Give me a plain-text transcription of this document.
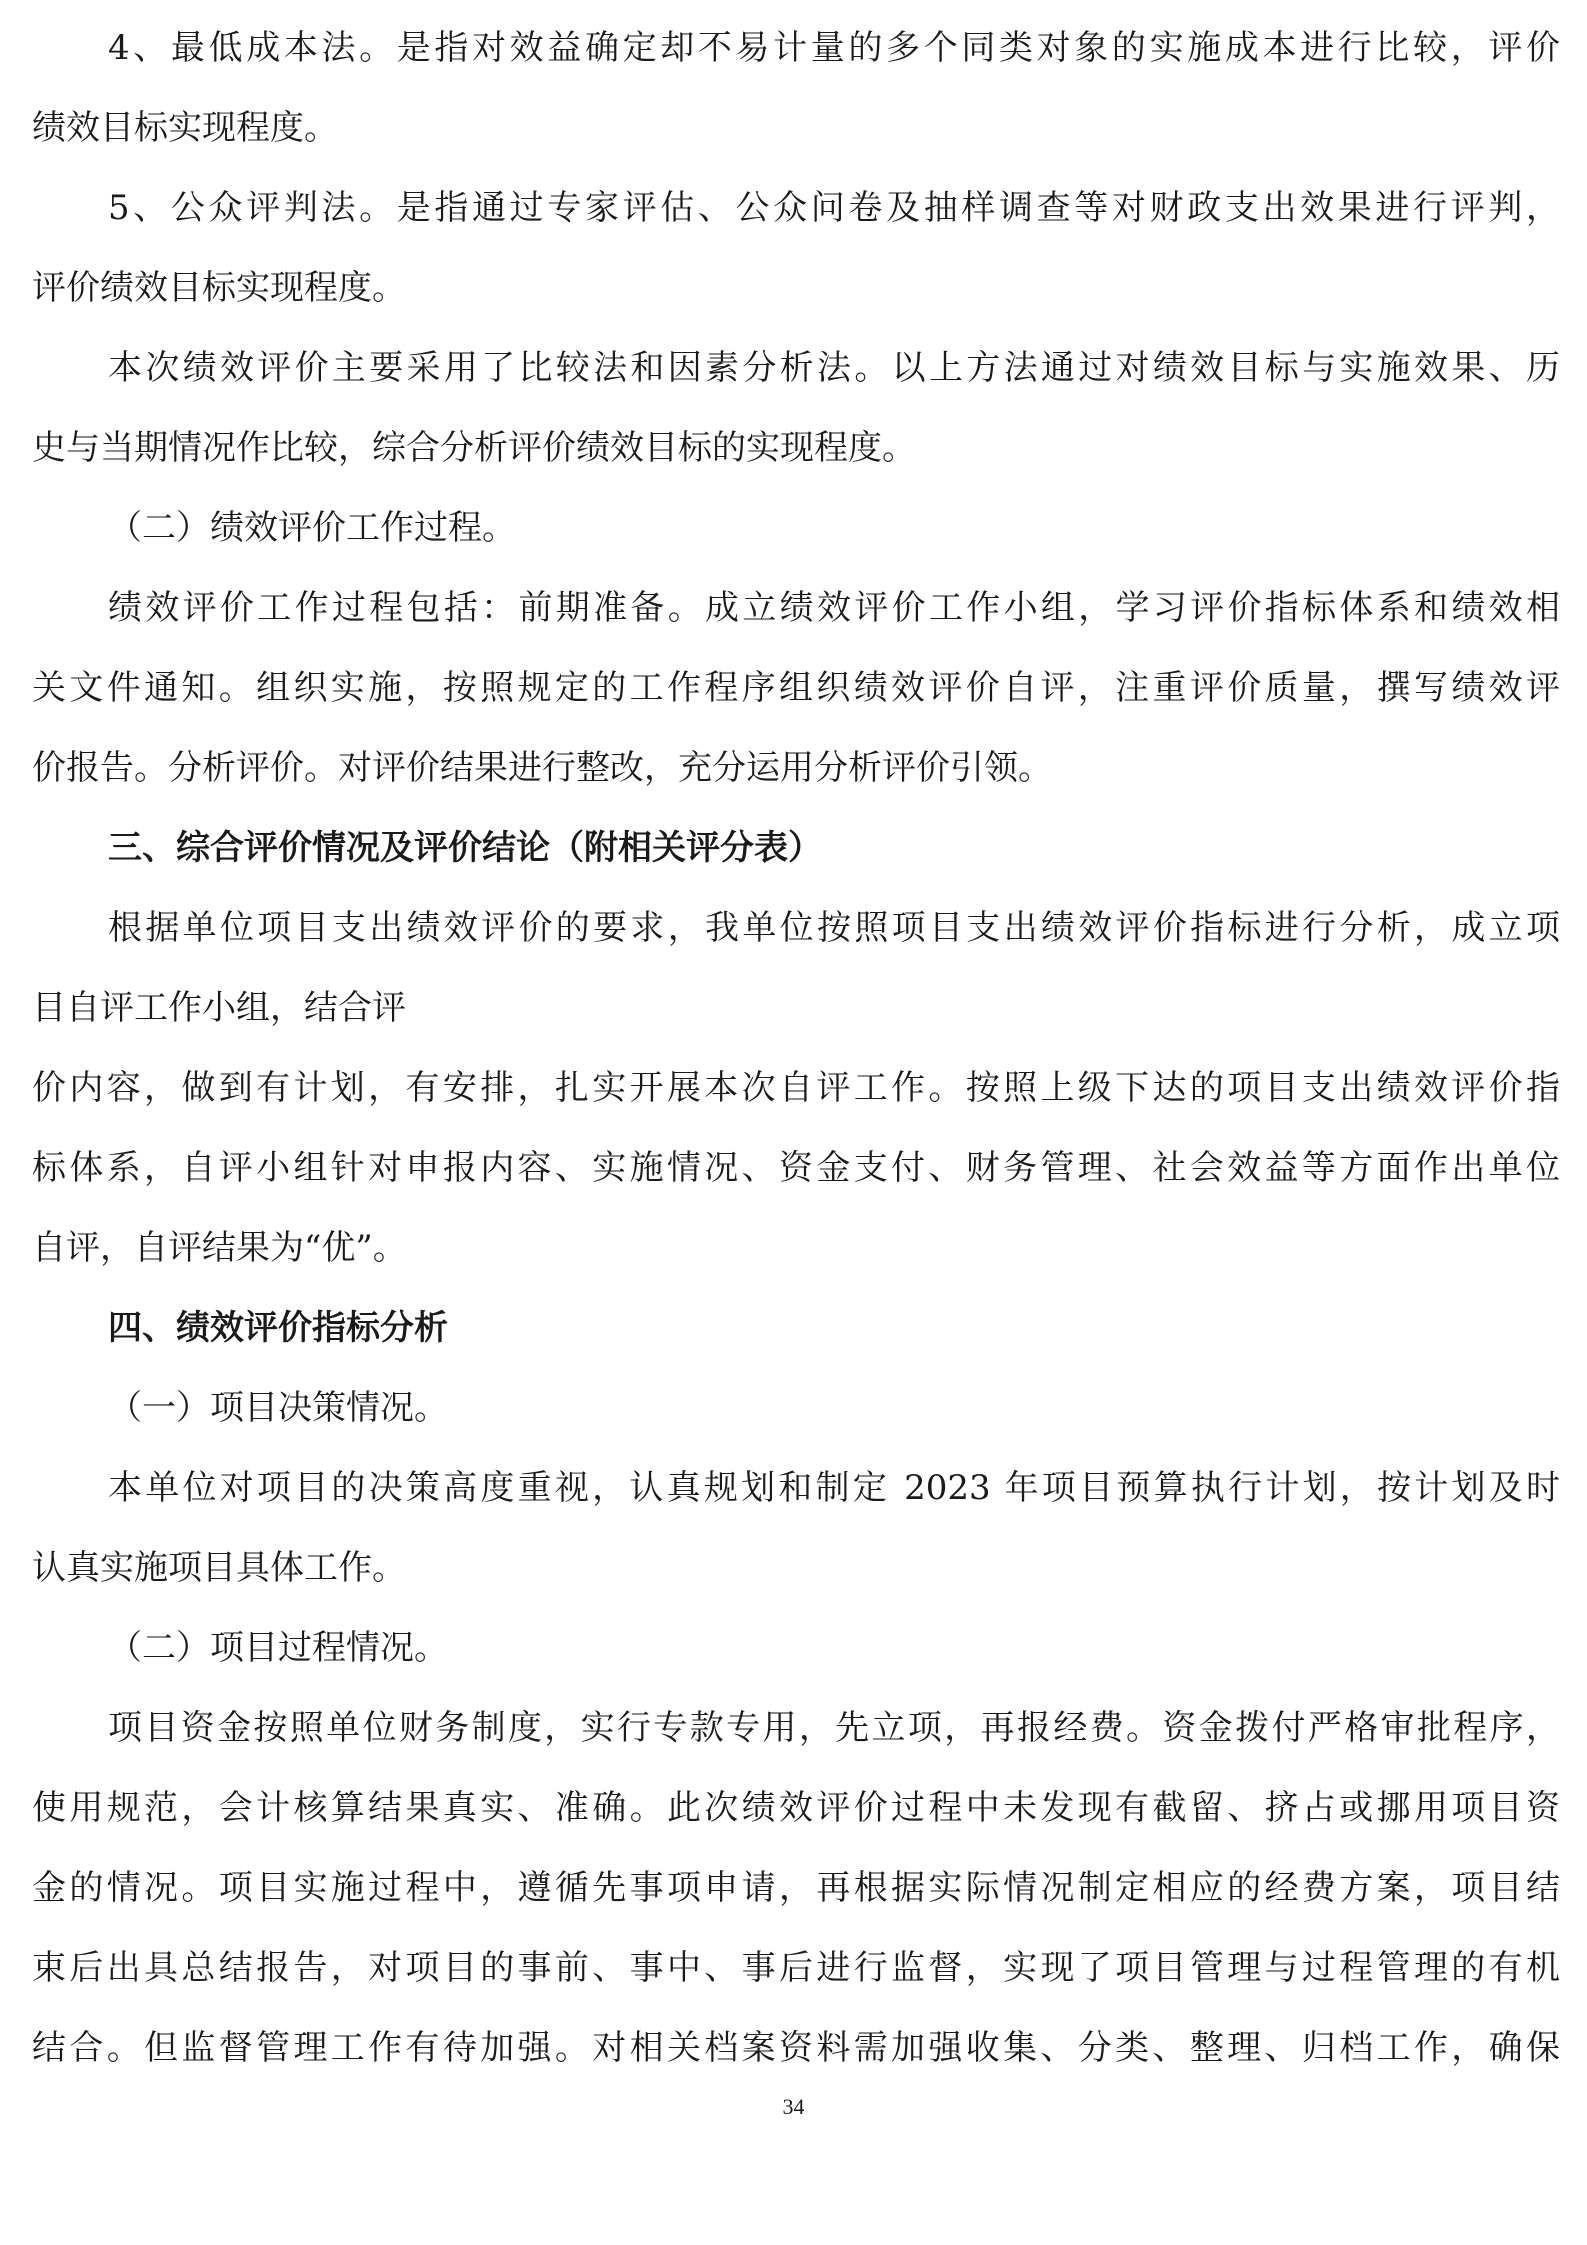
4、最低成本法。是指对效益确定却不易计量的多个同类对象的实施成本进行比较，评价
绩效目标实现程度。
5、公众评判法。是指通过专家评估、公众问卷及抽样调查等对财政支出效果进行评判，
评价绩效目标实现程度。
本次绩效评价主要采用了比较法和因素分析法。以上方法通过对绩效目标与实施效果、历
史与当期情况作比较，综合分析评价绩效目标的实现程度。
（二）绩效评价工作过程。
绩效评价工作过程包括：前期准备。成立绩效评价工作小组，学习评价指标体系和绩效相
关文件通知。组织实施，按照规定的工作程序组织绩效评价自评，注重评价质量，撰写绩效评
价报告。分析评价。对评价结果进行整改，充分运用分析评价引领。
三、综合评价情况及评价结论（附相关评分表）
根据单位项目支出绩效评价的要求，我单位按照项目支出绩效评价指标进行分析，成立项
目自评工作小组，结合评
价内容，做到有计划，有安排，扎实开展本次自评工作。按照上级下达的项目支出绩效评价指
标体系，自评小组针对申报内容、实施情况、资金支付、财务管理、社会效益等方面作出单位
自评，自评结果为“优”。
四、绩效评价指标分析
（一）项目决策情况。
本单位对项目的决策高度重视，认真规划和制定 2023 年项目预算执行计划，按计划及时
认真实施项目具体工作。
（二）项目过程情况。
项目资金按照单位财务制度，实行专款专用，先立项，再报经费。资金拨付严格审批程序，
使用规范，会计核算结果真实、准确。此次绩效评价过程中未发现有截留、挤占或挪用项目资
金的情况。项目实施过程中，遵循先事项申请，再根据实际情况制定相应的经费方案，项目结
束后出具总结报告，对项目的事前、事中、事后进行监督，实现了项目管理与过程管理的有机
结合。但监督管理工作有待加强。对相关档案资料需加强收集、分类、整理、归档工作，确保
34
